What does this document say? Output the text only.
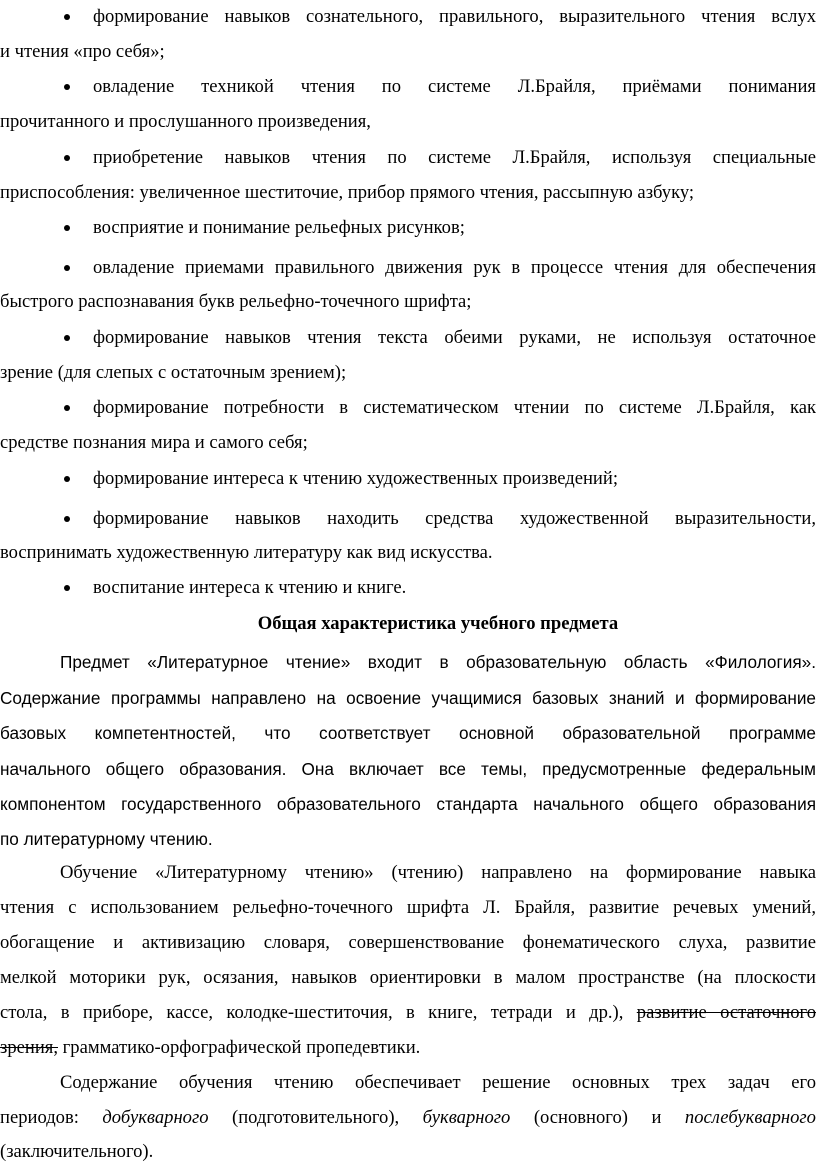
формирование навыков сознательного, правильного, выразительного чтения вслух
и чтения «про себя»;
овладение техникой чтения по системе Л.Брайля, приёмами понимания
прочитанного и прослушанного произведения,
приобретение навыков чтения по системе Л.Брайля, используя специальные
приспособления: увеличенное шеститочие, прибор прямого чтения, рассыпную азбуку;
восприятие и понимание рельефных рисунков;
овладение приемами правильного движения рук в процессе чтения для обеспечения
быстрого распознавания букв рельефно-точечного шрифта;
формирование навыков чтения текста обеими руками, не используя остаточное
зрение (для слепых с остаточным зрением);
формирование потребности в систематическом чтении по системе Л.Брайля, как
средстве познания мира и самого себя;
формирование интереса к чтению художественных произведений;
формирование навыков находить средства художественной выразительности,
воспринимать художественную литературу как вид искусства.
воспитание интереса к чтению и книге.
Общая характеристика учебного предмета
Предмет «Литературное чтение» входит в образовательную область «Филология».
Содержание программы направлено на освоение учащимися базовых знаний и формирование
базовых компетентностей, что соответствует основной образовательной программе
начального общего образования. Она включает все темы, предусмотренные федеральным
компонентом государственного образовательного стандарта начального общего образования
по литературному чтению.
Обучение «Литературному чтению» (чтению) направлено на формирование навыка
чтения с использованием рельефно-точечного шрифта Л. Брайля, развитие речевых умений,
обогащение и активизацию словаря, совершенствование фонематического слуха, развитие
мелкой моторики рук, осязания, навыков ориентировки в малом пространстве (на плоскости
стола, в приборе, кассе, колодке-шеститочия, в книге, тетради и др.), развитие остаточного
зрения, грамматико-орфографической пропедевтики.
Содержание обучения чтению обеспечивает решение основных трех задач его
периодов: добукварного (подготовительного), букварного (основного) и послебукварного
(заключительного).
